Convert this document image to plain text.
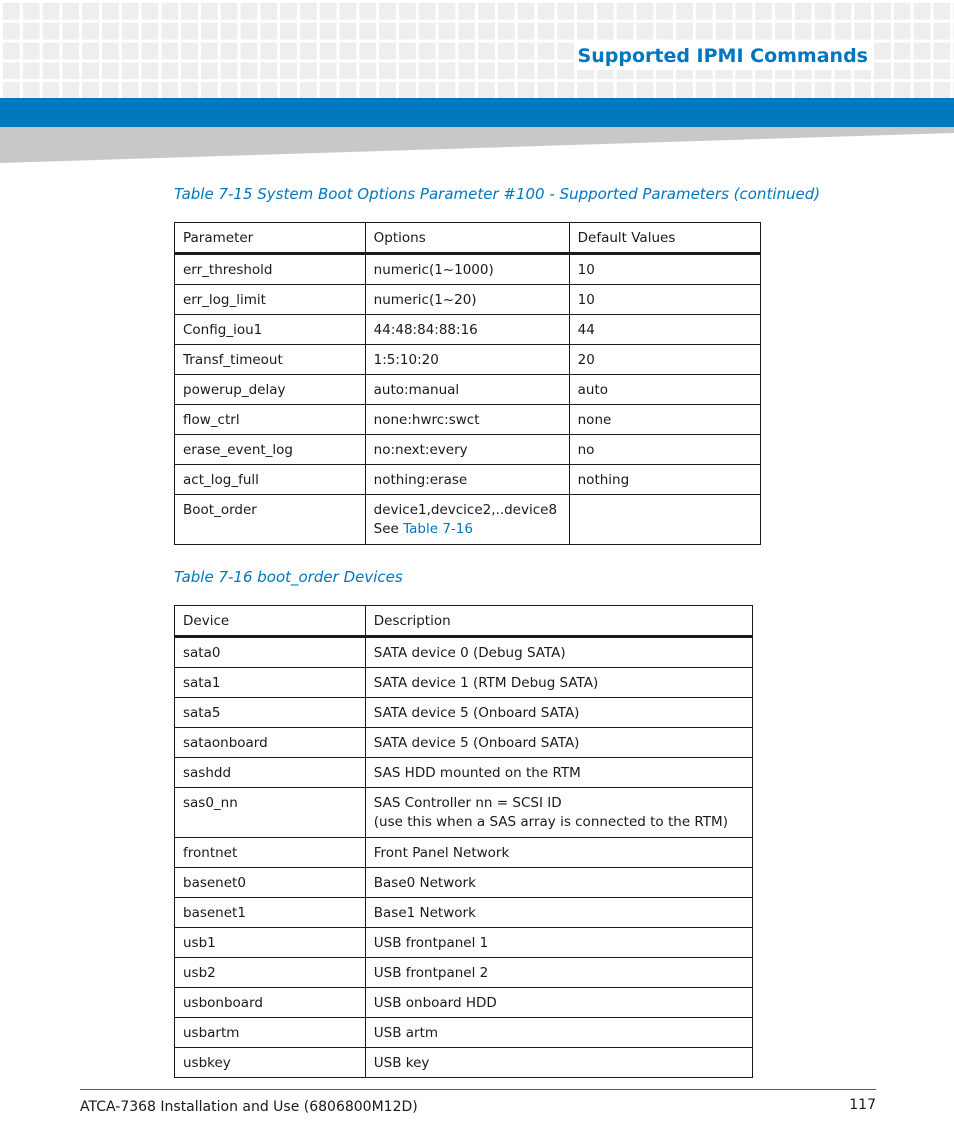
Supported IPMI Commands

Table 7-15 System Boot Options Parameter #100 - Supported Parameters (continued)

Parameter	Options	Default Values
err_threshold	numeric(1~1000)	10
err_log_limit	numeric(1~20)	10
Config_iou1	44:48:84:88:16	44
Transf_timeout	1:5:10:20	20
powerup_delay	auto:manual	auto
flow_ctrl	none:hwrc:swct	none
erase_event_log	no:next:every	no
act_log_full	nothing:erase	nothing
Boot_order	device1,devcice2,..device8
See Table 7-16	

Table 7-16 boot_order Devices

Device	Description
sata0	SATA device 0 (Debug SATA)
sata1	SATA device 1 (RTM Debug SATA)
sata5	SATA device 5 (Onboard SATA)
sataonboard	SATA device 5 (Onboard SATA)
sashdd	SAS HDD mounted on the RTM
sas0_nn	SAS Controller nn = SCSI ID
(use this when a SAS array is connected to the RTM)
frontnet	Front Panel Network
basenet0	Base0 Network
basenet1	Base1 Network
usb1	USB frontpanel 1
usb2	USB frontpanel 2
usbonboard	USB onboard HDD
usbartm	USB artm
usbkey	USB key

ATCA-7368 Installation and Use (6806800M12D)	117
